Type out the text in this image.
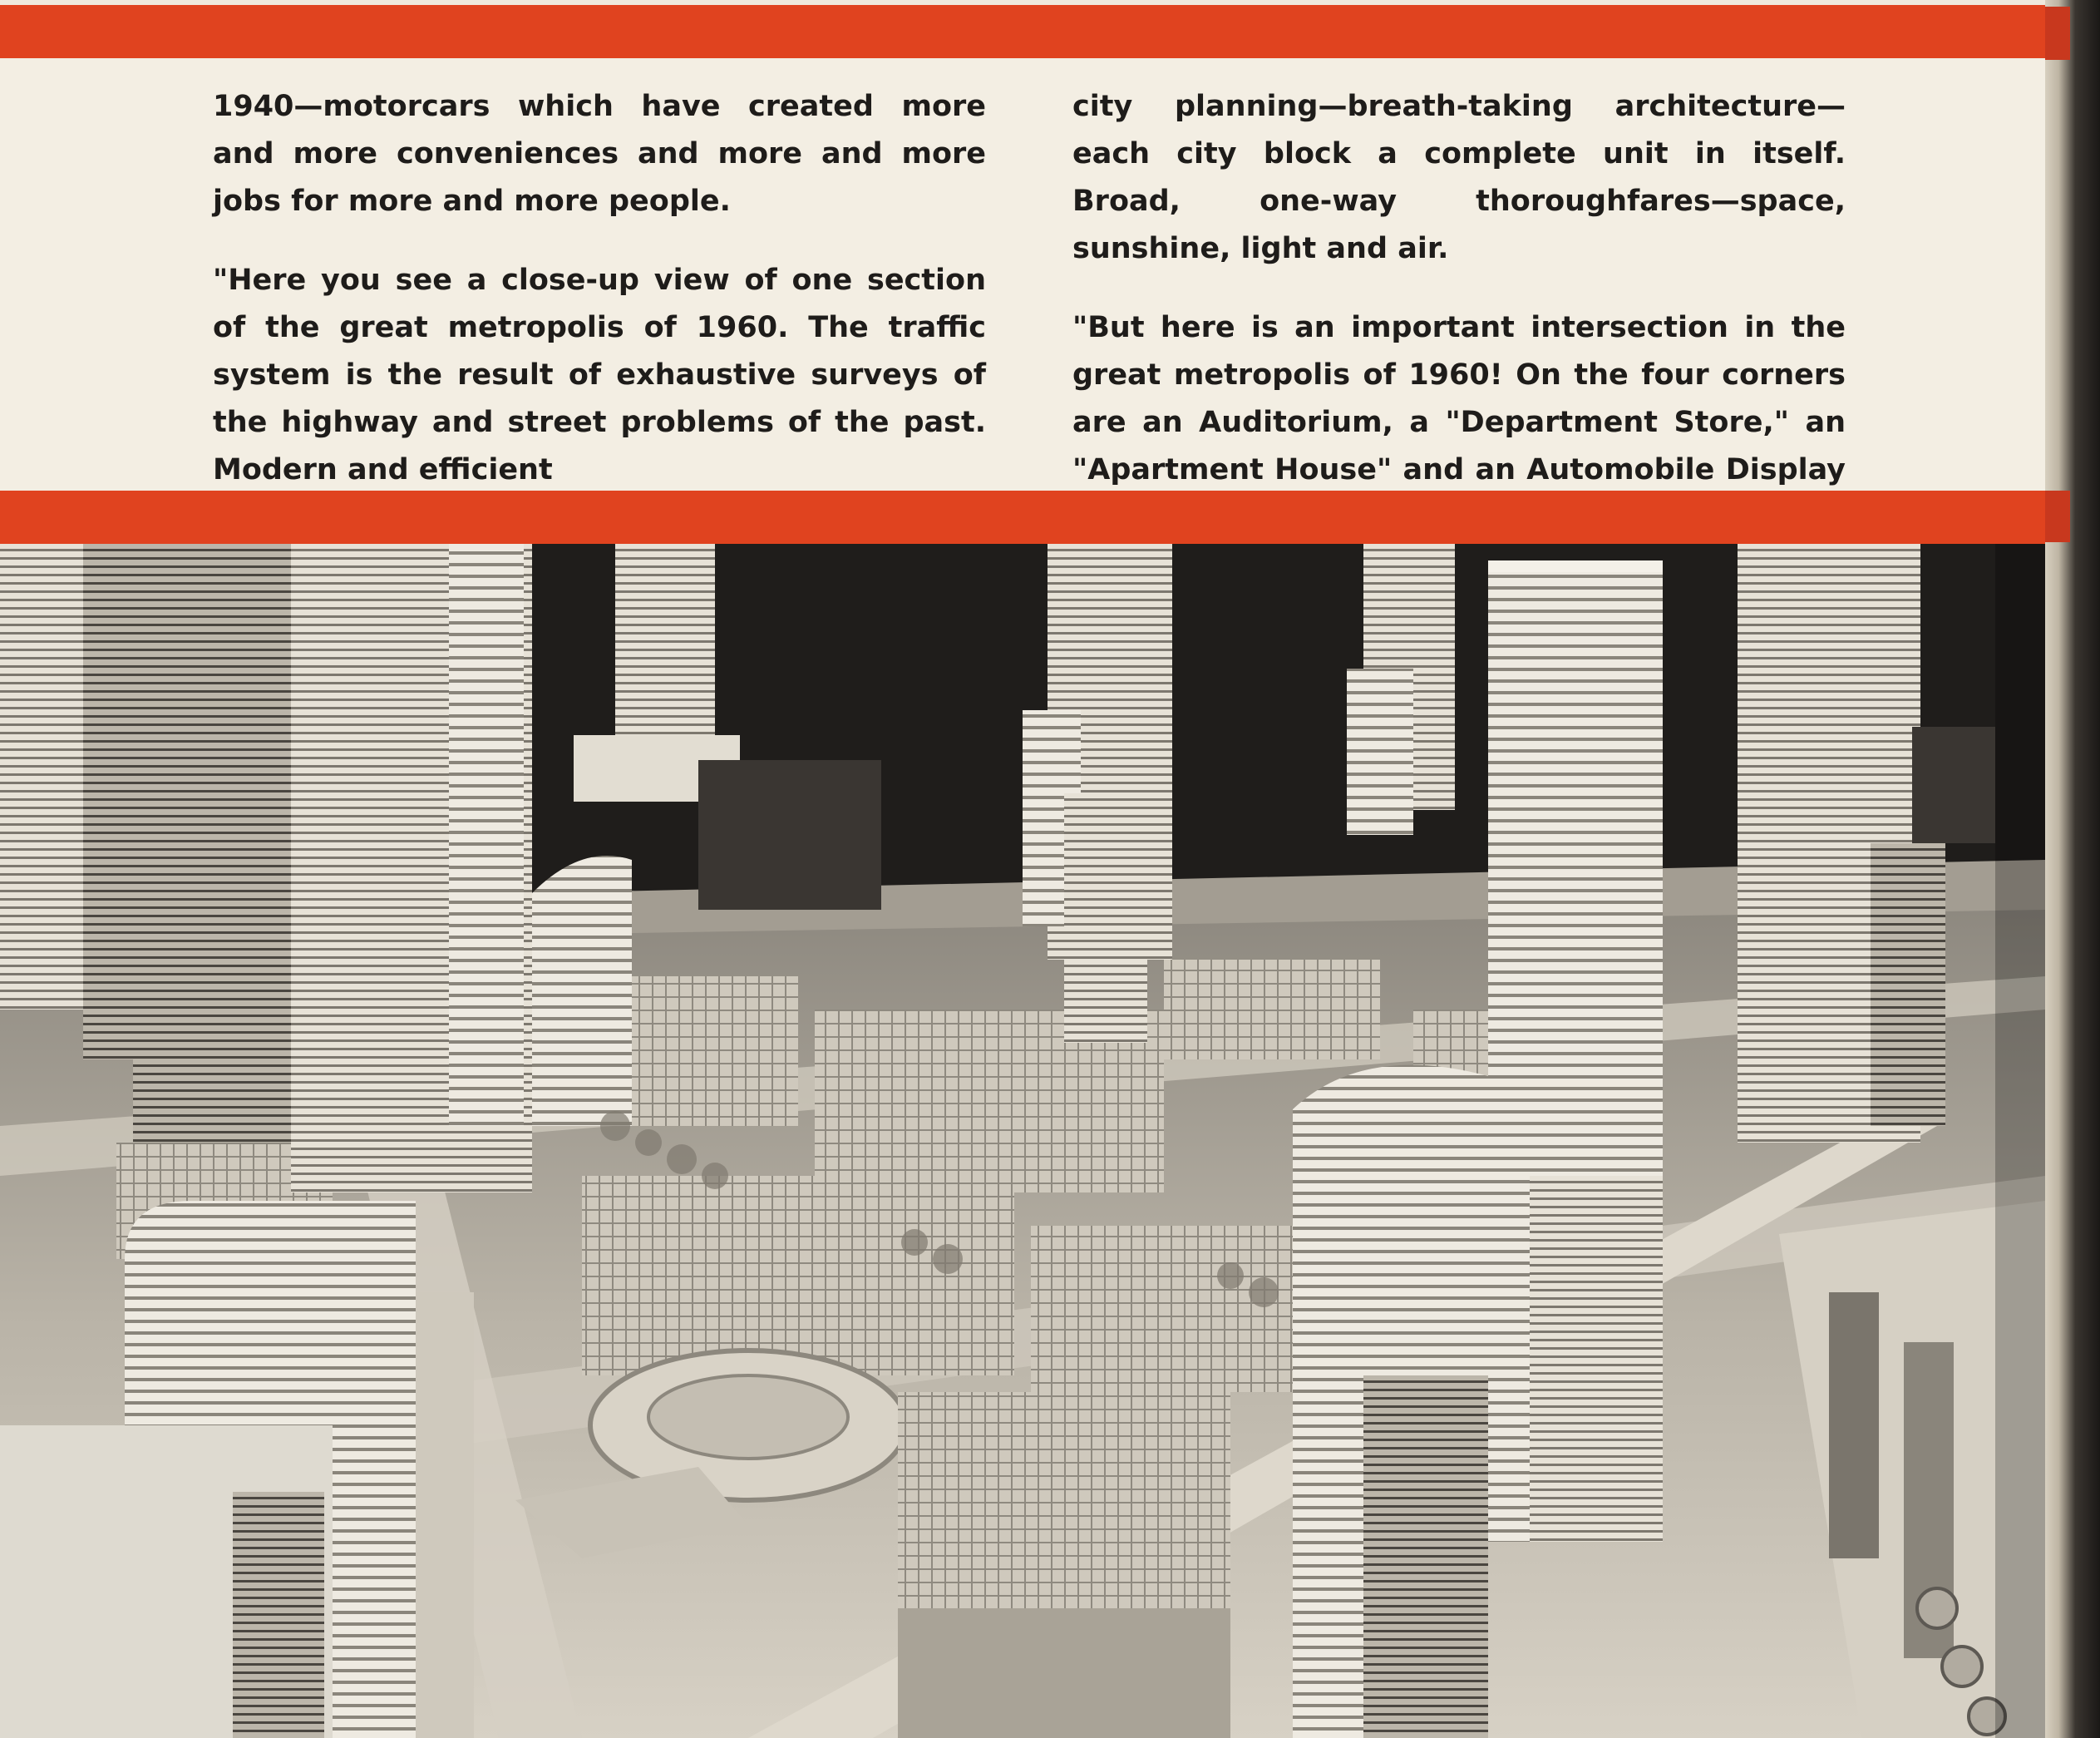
1940—motorcars which have created more and more conveniences and more and more jobs for more and more people.

"Here you see a close-up view of one section of the great metropolis of 1960. The traffic system is the result of exhaustive surveys of the highway and street problems of the past. Modern and efficient

city planning—breath-taking architecture—each city block a complete unit in itself. Broad, one-way thoroughfares—space, sunshine, light and air.

"But here is an important intersection in the great metropolis of 1960! On the four corners are an Auditorium, a "Department Store," an "Apartment House" and an Automobile Display
